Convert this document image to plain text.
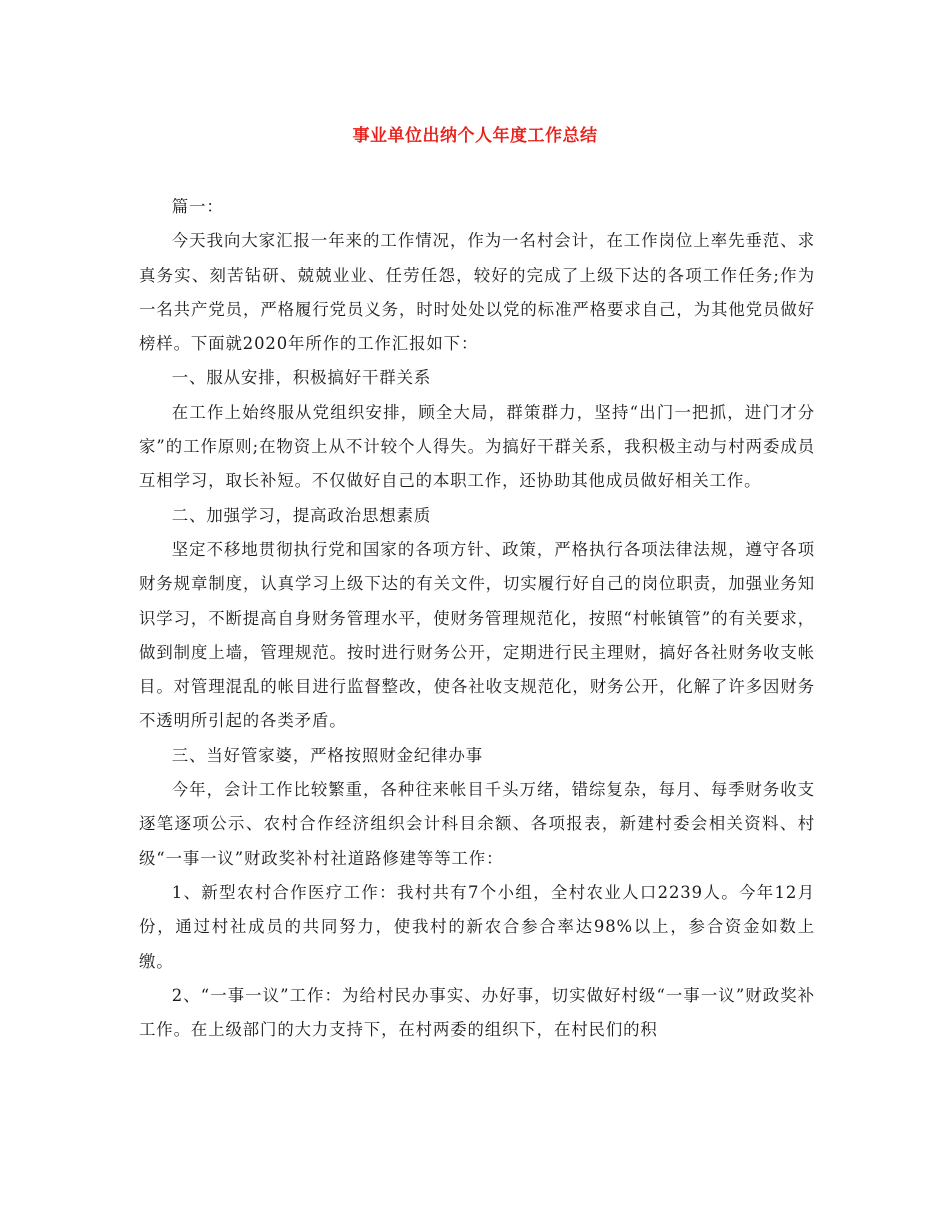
事业单位出纳个人年度工作总结

篇一：

今天我向大家汇报一年来的工作情况，作为一名村会计，在工作岗位上率先垂范、求真务实、刻苦钻研、兢兢业业、任劳任怨，较好的完成了上级下达的各项工作任务;作为一名共产党员，严格履行党员义务，时时处处以党的标准严格要求自己，为其他党员做好榜样。下面就2020年所作的工作汇报如下：

一、服从安排，积极搞好干群关系

在工作上始终服从党组织安排，顾全大局，群策群力，坚持“出门一把抓，进门才分家”的工作原则;在物资上从不计较个人得失。为搞好干群关系，我积极主动与村两委成员互相学习，取长补短。不仅做好自己的本职工作，还协助其他成员做好相关工作。

二、加强学习，提高政治思想素质

坚定不移地贯彻执行党和国家的各项方针、政策，严格执行各项法律法规，遵守各项财务规章制度，认真学习上级下达的有关文件，切实履行好自己的岗位职责，加强业务知识学习，不断提高自身财务管理水平，使财务管理规范化，按照“村帐镇管”的有关要求，做到制度上墙，管理规范。按时进行财务公开，定期进行民主理财，搞好各社财务收支帐目。对管理混乱的帐目进行监督整改，使各社收支规范化，财务公开，化解了许多因财务不透明所引起的各类矛盾。

三、当好管家婆，严格按照财金纪律办事

今年，会计工作比较繁重，各种往来帐目千头万绪，错综复杂，每月、每季财务收支逐笔逐项公示、农村合作经济组织会计科目余额、各项报表，新建村委会相关资料、村级“一事一议”财政奖补村社道路修建等等工作：

1、新型农村合作医疗工作：我村共有7个小组，全村农业人口2239人。今年12月份，通过村社成员的共同努力，使我村的新农合参合率达98%以上，参合资金如数上缴。

2、“一事一议”工作：为给村民办事实、办好事，切实做好村级“一事一议”财政奖补工作。在上级部门的大力支持下，在村两委的组织下，在村民们的积
